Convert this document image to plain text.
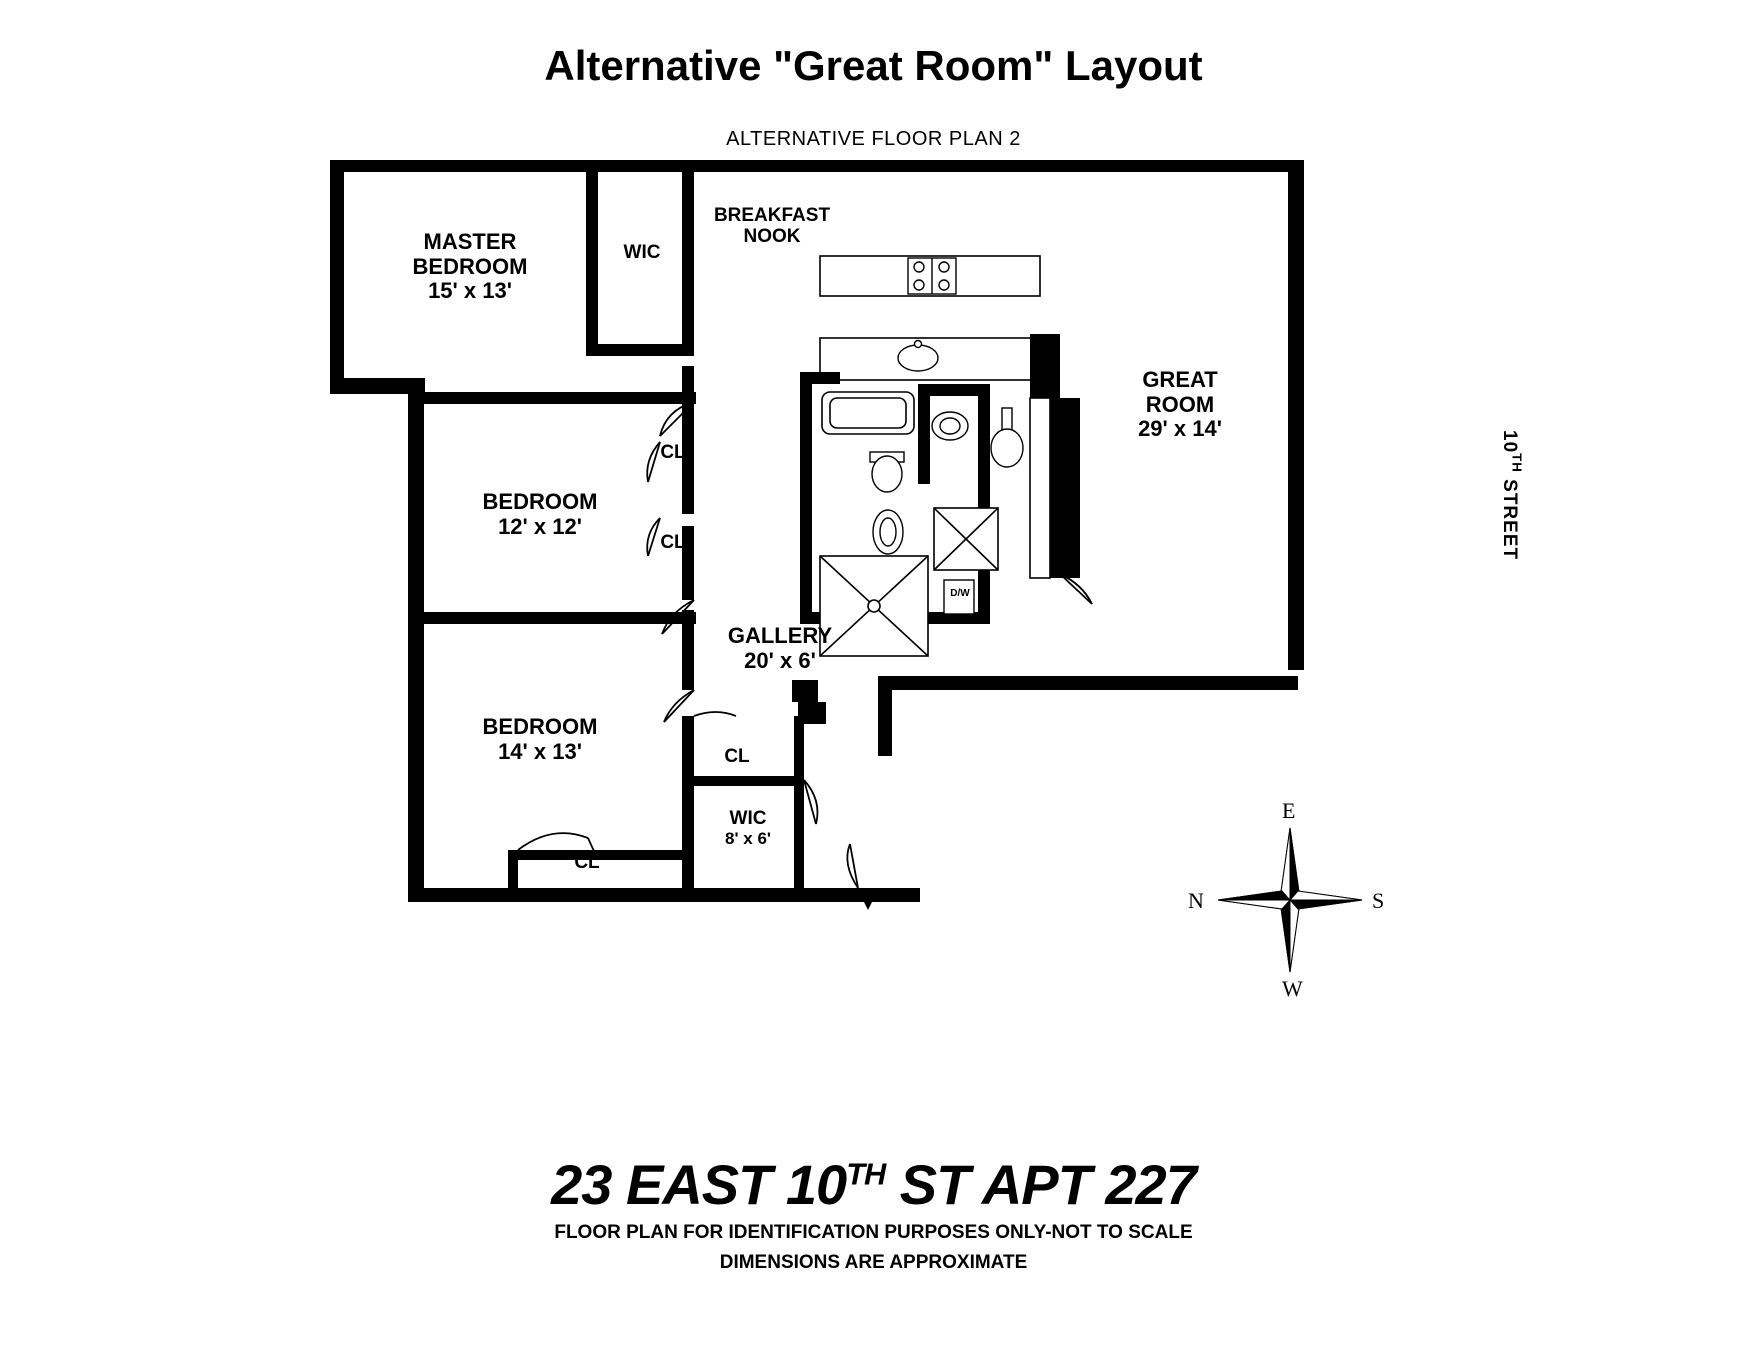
Alternative "Great Room" Layout
ALTERNATIVE FLOOR PLAN 2
MASTER
BEDROOM
15' x 13'
WIC
BREAKFAST
NOOK
GREAT
ROOM
29' x 14'
BEDROOM
12' x 12'
BEDROOM
14' x 13'
GALLERY
20' x 6'
WIC
8' x 6'
CL
CL
CL
CL
BI
D/W
10TH STREET
E
S
W
N
23 EAST 10TH ST APT 227
FLOOR PLAN FOR IDENTIFICATION PURPOSES ONLY-NOT TO SCALE
DIMENSIONS ARE APPROXIMATE
